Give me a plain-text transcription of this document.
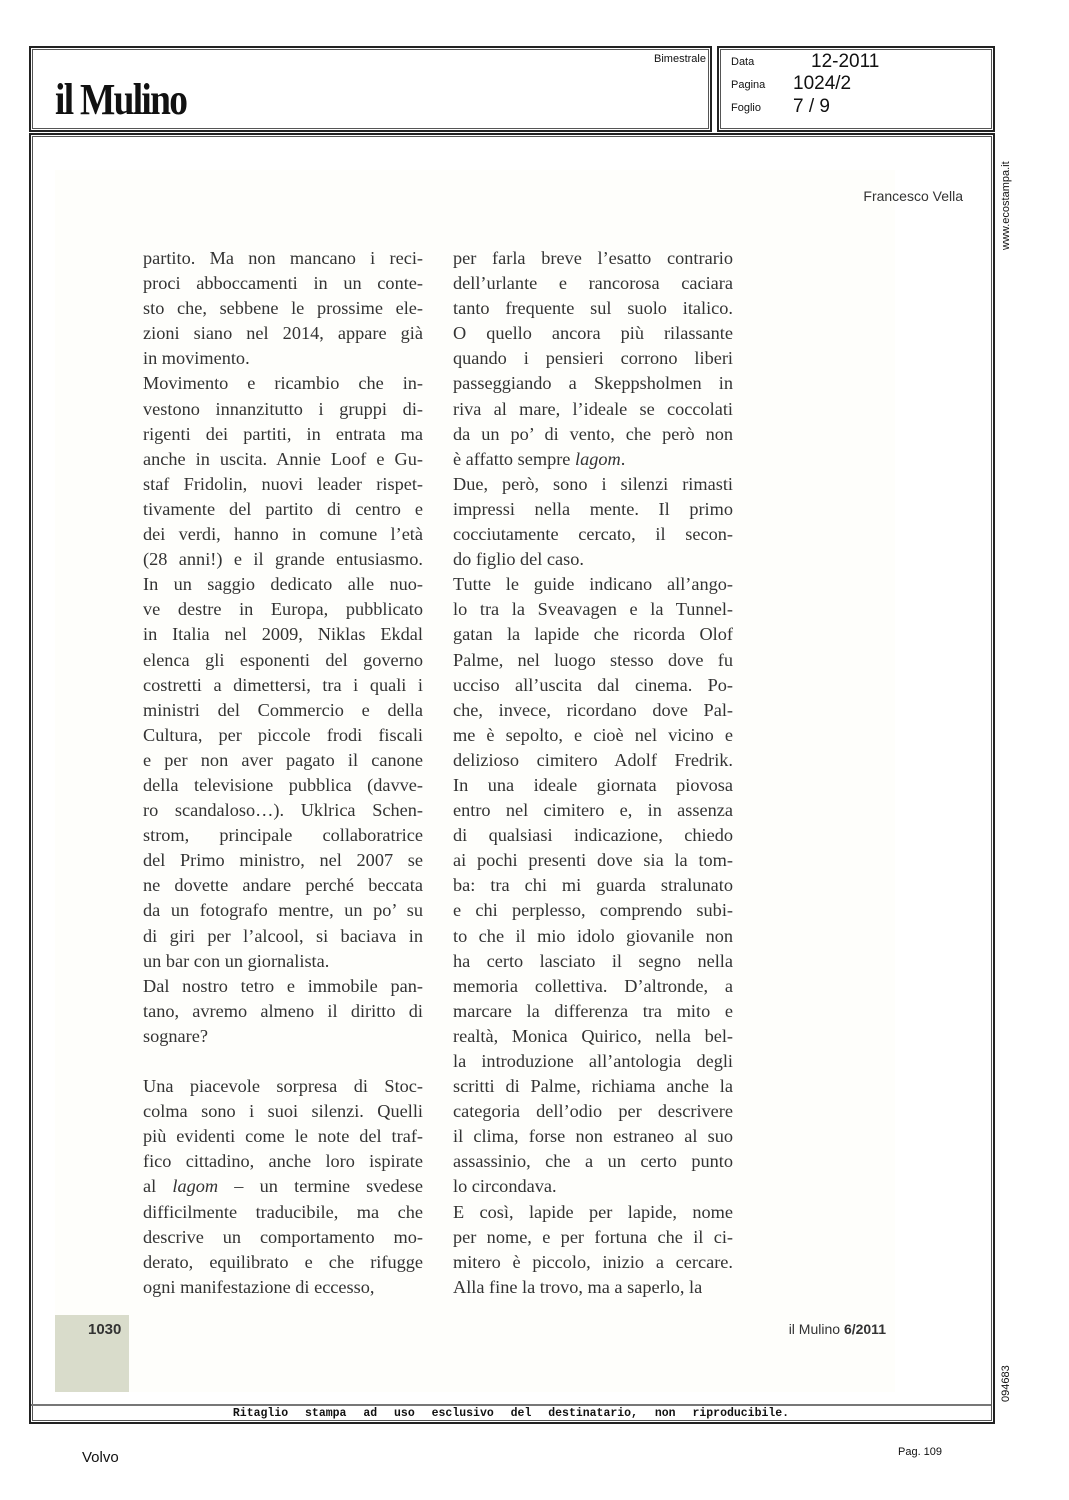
il Mulino
Bimestrale Data	12-2011
Pagina 1024/2
Foglio 7 / 9
Francesco Vella
partito. Ma non mancano i reci-
proci abboccamenti in un conte-
sto che, sebbene le prossime ele-
zioni siano nel 2014, appare già
in movimento.
Movimento e ricambio che in-
vestono innanzitutto i gruppi di-
rigenti dei partiti, in entrata ma
anche in uscita. Annie Loof e Gu-
staf Fridolin, nuovi leader rispet-
tivamente del partito di centro e
dei verdi, hanno in comune l’età
(28 anni!) e il grande entusiasmo.
In un saggio dedicato alle nuo-
ve destre in Europa, pubblicato
in Italia nel 2009, Niklas Ekdal
elenca gli esponenti del governo
costretti a dimettersi, tra i quali i
ministri del Commercio e della
Cultura, per piccole frodi fiscali
e per non aver pagato il canone
della televisione pubblica (davve-
ro scandaloso…). Uklrica Schen-
strom, principale collaboratrice
del Primo ministro, nel 2007 se
ne dovette andare perché beccata
da un fotografo mentre, un po’ su
di giri per l’alcool, si baciava in
un bar con un giornalista.
Dal nostro tetro e immobile pan-
tano, avremo almeno il diritto di
sognare?
Una piacevole sorpresa di Stoc-
colma sono i suoi silenzi. Quelli
più evidenti come le note del traf-
fico cittadino, anche loro ispirate
al lagom – un termine svedese
difficilmente traducibile, ma che
descrive un comportamento mo-
derato, equilibrato e che rifugge
ogni manifestazione di eccesso,
per farla breve l’esatto contrario
dell’urlante e rancorosa caciara
tanto frequente sul suolo italico.
O quello ancora più rilassante
quando i pensieri corrono liberi
passeggiando a Skeppsholmen in
riva al mare, l’ideale se coccolati
da un po’ di vento, che però non
è affatto sempre lagom.
Due, però, sono i silenzi rimasti
impressi nella mente. Il primo
cocciutamente cercato, il secon-
do figlio del caso.
Tutte le guide indicano all’ango-
lo tra la Sveavagen e la Tunnel-
gatan la lapide che ricorda Olof
Palme, nel luogo stesso dove fu
ucciso all’uscita dal cinema. Po-
che, invece, ricordano dove Pal-
me è sepolto, e cioè nel vicino e
delizioso cimitero Adolf Fredrik.
In una ideale giornata piovosa
entro nel cimitero e, in assenza
di qualsiasi indicazione, chiedo
ai pochi presenti dove sia la tom-
ba: tra chi mi guarda stralunato
e chi perplesso, comprendo subi-
to che il mio idolo giovanile non
ha certo lasciato il segno nella
memoria collettiva. D’altronde, a
marcare la differenza tra mito e
realtà, Monica Quirico, nella bel-
la introduzione all’antologia degli
scritti di Palme, richiama anche la
categoria dell’odio per descrivere
il clima, forse non estraneo al suo
assassinio, che a un certo punto
lo circondava.
E così, lapide per lapide, nome
per nome, e per fortuna che il ci-
mitero è piccolo, inizio a cercare.
Alla fine la trovo, ma a saperlo, la
1030	il Mulino 6/2011
Ritaglio stampa ad uso esclusivo del destinatario, non riproducibile.
www.ecostampa.it
094683
Volvo	Pag. 109
